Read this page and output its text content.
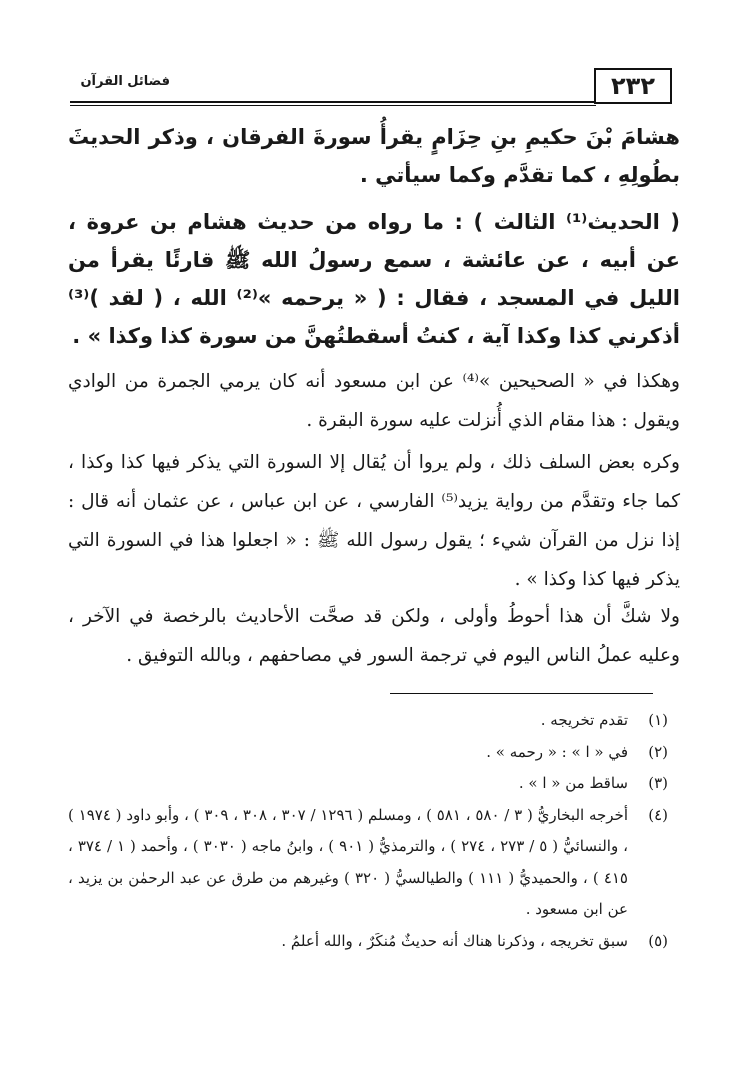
٢٣٢
فضائل القرآن

هشامَ بْنَ حكيمِ بنِ حِزَامٍ يقرأُ سورةَ الفرقان ، وذكر الحديثَ بطُولِهِ ، كما تقدَّم وكما سيأتي .

( الحديث⁽¹⁾ الثالث ) : ما رواه من حديث هشام بن عروة ، عن أبيه ، عن عائشة ، سمع رسولُ الله ﷺ قارئًا يقرأ من الليل في المسجد ، فقال : ( « يرحمه »⁽²⁾ الله ، ( لقد )⁽³⁾ أذكرني كذا وكذا آية ، كنتُ أسقطتُهنَّ من سورة كذا وكذا » .

وهكذا في « الصحيحين »⁽⁴⁾ عن ابن مسعود أنه كان يرمي الجمرة من الوادي ويقول : هذا مقام الذي أُنزلت عليه سورة البقرة .

وكره بعض السلف ذلك ، ولم يروا أن يُقال إلا السورة التي يذكر فيها كذا وكذا ، كما جاء وتقدَّم من رواية يزيد⁽⁵⁾ الفارسي ، عن ابن عباس ، عن عثمان أنه قال : إذا نزل من القرآن شيء ؛ يقول رسول الله ﷺ : « اجعلوا هذا في السورة التي يذكر فيها كذا وكذا » .

ولا شكَّ أن هذا أحوطُ وأولى ، ولكن قد صحَّت الأحاديث بالرخصة في الآخر ، وعليه عملُ الناس اليوم في ترجمة السور في مصاحفهم ، وبالله التوفيق .

(١)
تقدم تخريجه .
(٢)
في « ا » : « رحمه » .
(٣)
ساقط من « ا » .
(٤)
أخرجه البخاريُّ ( ٣ / ٥٨٠ ، ٥٨١ ) ، ومسلم ( ١٢٩٦ / ٣٠٧ ، ٣٠٨ ، ٣٠٩ ) ، وأبو داود ( ١٩٧٤ ) ، والنسائيُّ ( ٥ / ٢٧٣ ، ٢٧٤ ) ، والترمذيُّ ( ٩٠١ ) ، وابنُ ماجه ( ٣٠٣٠ ) ، وأحمد ( ١ / ٣٧٤ ، ٤١٥ ) ، والحميديُّ ( ١١١ ) والطيالسيُّ ( ٣٢٠ ) وغيرهم من طرق عن عبد الرحمٰن بن يزيد ، عن ابن مسعود .
(٥)
سبق تخريجه ، وذكرنا هناك أنه حديثٌ مُنكَرٌ ، والله أعلمُ .
